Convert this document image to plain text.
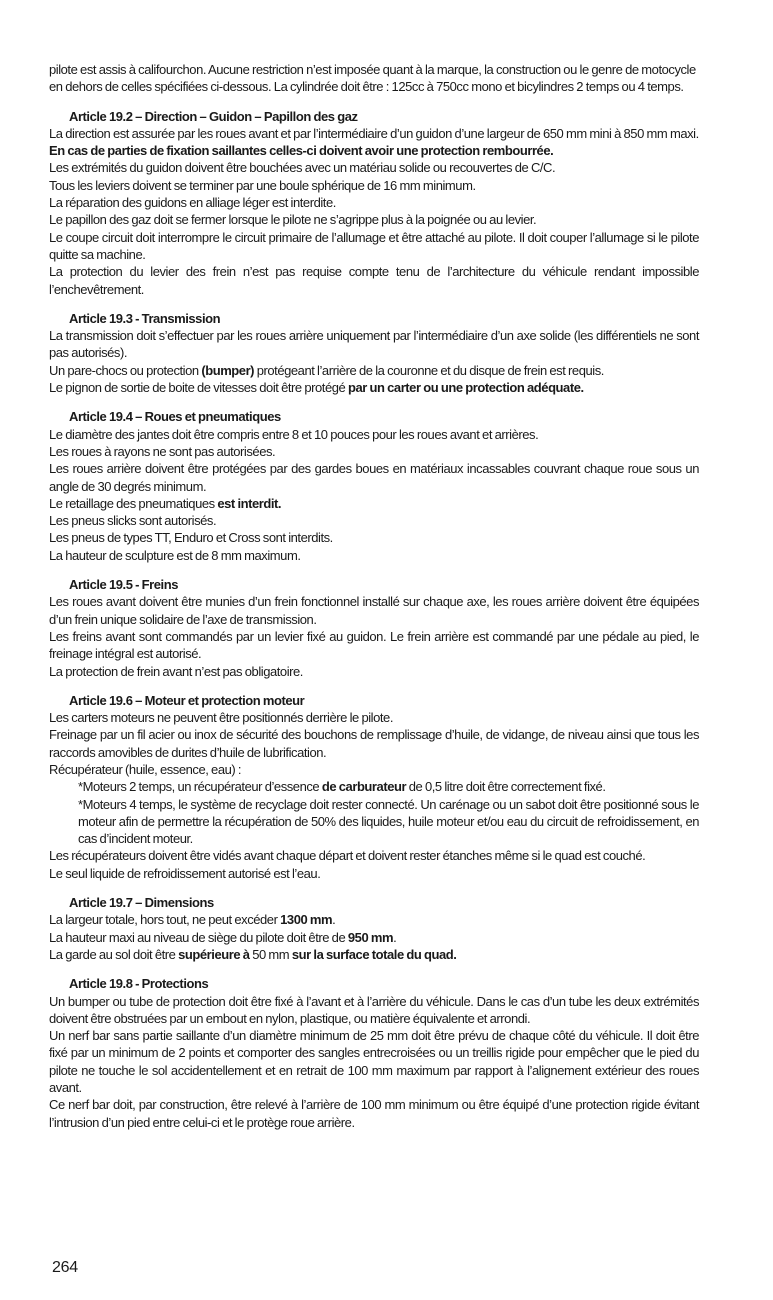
pilote est assis à califourchon. Aucune restriction n’est imposée quant à la marque, la construction ou le genre de motocycle en dehors de celles spécifiées ci-dessous. La cylindrée doit être : 125cc à 750cc mono et bicylindres 2 temps ou 4 temps.

Article 19.2 – Direction – Guidon – Papillon des gaz

La direction est assurée par les roues avant et par l’intermédiaire d’un guidon d’une largeur de 650 mm mini à 850 mm maxi.

En cas de parties de fixation saillantes celles-ci doivent avoir une protection rembourrée.

Les extrémités du guidon doivent être bouchées avec un matériau solide ou recouvertes de C/C.

Tous les leviers doivent se terminer par une boule sphérique de 16 mm minimum.

La réparation des guidons en alliage léger est interdite.

Le papillon des gaz doit se fermer lorsque le pilote ne s’agrippe plus à la poignée ou au levier.

Le coupe circuit doit interrompre le circuit primaire de l’allumage et être attaché au pilote. Il doit couper l’allumage si le pilote quitte sa machine.

La protection du levier des frein n’est pas requise compte tenu de l’architecture du véhicule rendant impossible l’enchevêtrement.

Article 19.3 - Transmission

La transmission doit s’effectuer par les roues arrière uniquement par l’intermédiaire d’un axe solide (les différentiels ne sont pas autorisés).

Un pare-chocs ou protection (bumper) protégeant l’arrière de la couronne et du disque de frein est requis.

Le pignon de sortie de boite de vitesses doit être protégé par un carter ou une protection adéquate.

Article 19.4 – Roues et pneumatiques

Le diamètre des jantes doit être compris entre 8 et 10 pouces pour les roues avant et arrières.

Les roues à rayons ne sont pas autorisées.

Les roues arrière doivent être protégées par des gardes boues en matériaux incassables couvrant chaque roue sous un angle de 30 degrés minimum.

Le retaillage des pneumatiques est interdit.

Les pneus slicks sont autorisés.

Les pneus de types TT, Enduro et Cross sont interdits.

La hauteur de sculpture est de 8 mm maximum.

Article 19.5 - Freins

Les roues avant doivent être munies d’un frein fonctionnel installé sur chaque axe, les roues arrière doivent être équipées d’un frein unique solidaire de l’axe de transmission.

Les freins avant sont commandés par un levier fixé au guidon. Le frein arrière est commandé par une pédale au pied, le freinage intégral est autorisé.

La protection de frein avant n’est pas obligatoire.

Article 19.6 – Moteur et protection moteur

Les carters moteurs ne peuvent être positionnés derrière le pilote.

Freinage par un fil acier ou inox de sécurité des bouchons de remplissage d’huile, de vidange, de niveau ainsi que tous les raccords amovibles de durites d’huile de lubrification.

Récupérateur (huile, essence, eau) :

*Moteurs 2 temps, un récupérateur d’essence de carburateur de 0,5 litre doit être correctement fixé.

*Moteurs 4 temps, le système de recyclage doit rester connecté. Un carénage ou un sabot doit être positionné sous le moteur afin de permettre la récupération de 50% des liquides, huile moteur et/ou eau du circuit de refroidissement, en cas d’incident moteur.

Les récupérateurs doivent être vidés avant chaque départ et doivent rester étanches même si le quad est couché.

Le seul liquide de refroidissement autorisé est l’eau.

Article 19.7 – Dimensions

La largeur totale, hors tout, ne peut excéder 1300 mm.

La hauteur maxi au niveau de siège du pilote doit être de 950 mm.

La garde au sol doit être supérieure à 50 mm sur la surface totale du quad.

Article 19.8 - Protections

Un bumper ou tube de protection doit être fixé à l’avant et à l’arrière du véhicule. Dans le cas d’un tube les deux extrémités doivent être obstruées par un embout en nylon, plastique, ou matière équivalente et arrondi.

Un nerf bar sans partie saillante d’un diamètre minimum de 25 mm doit être prévu de chaque côté du véhicule. Il doit être fixé par un minimum de 2 points et comporter des sangles entrecroisées ou un treillis rigide pour empêcher que le pied du pilote ne touche le sol accidentellement et en retrait de 100 mm maximum par rapport à l’alignement extérieur des roues avant.

Ce nerf bar doit, par construction, être relevé à l’arrière de 100 mm minimum ou être équipé d’une protection rigide évitant l’intrusion d’un pied entre celui-ci et le protège roue arrière.

264
